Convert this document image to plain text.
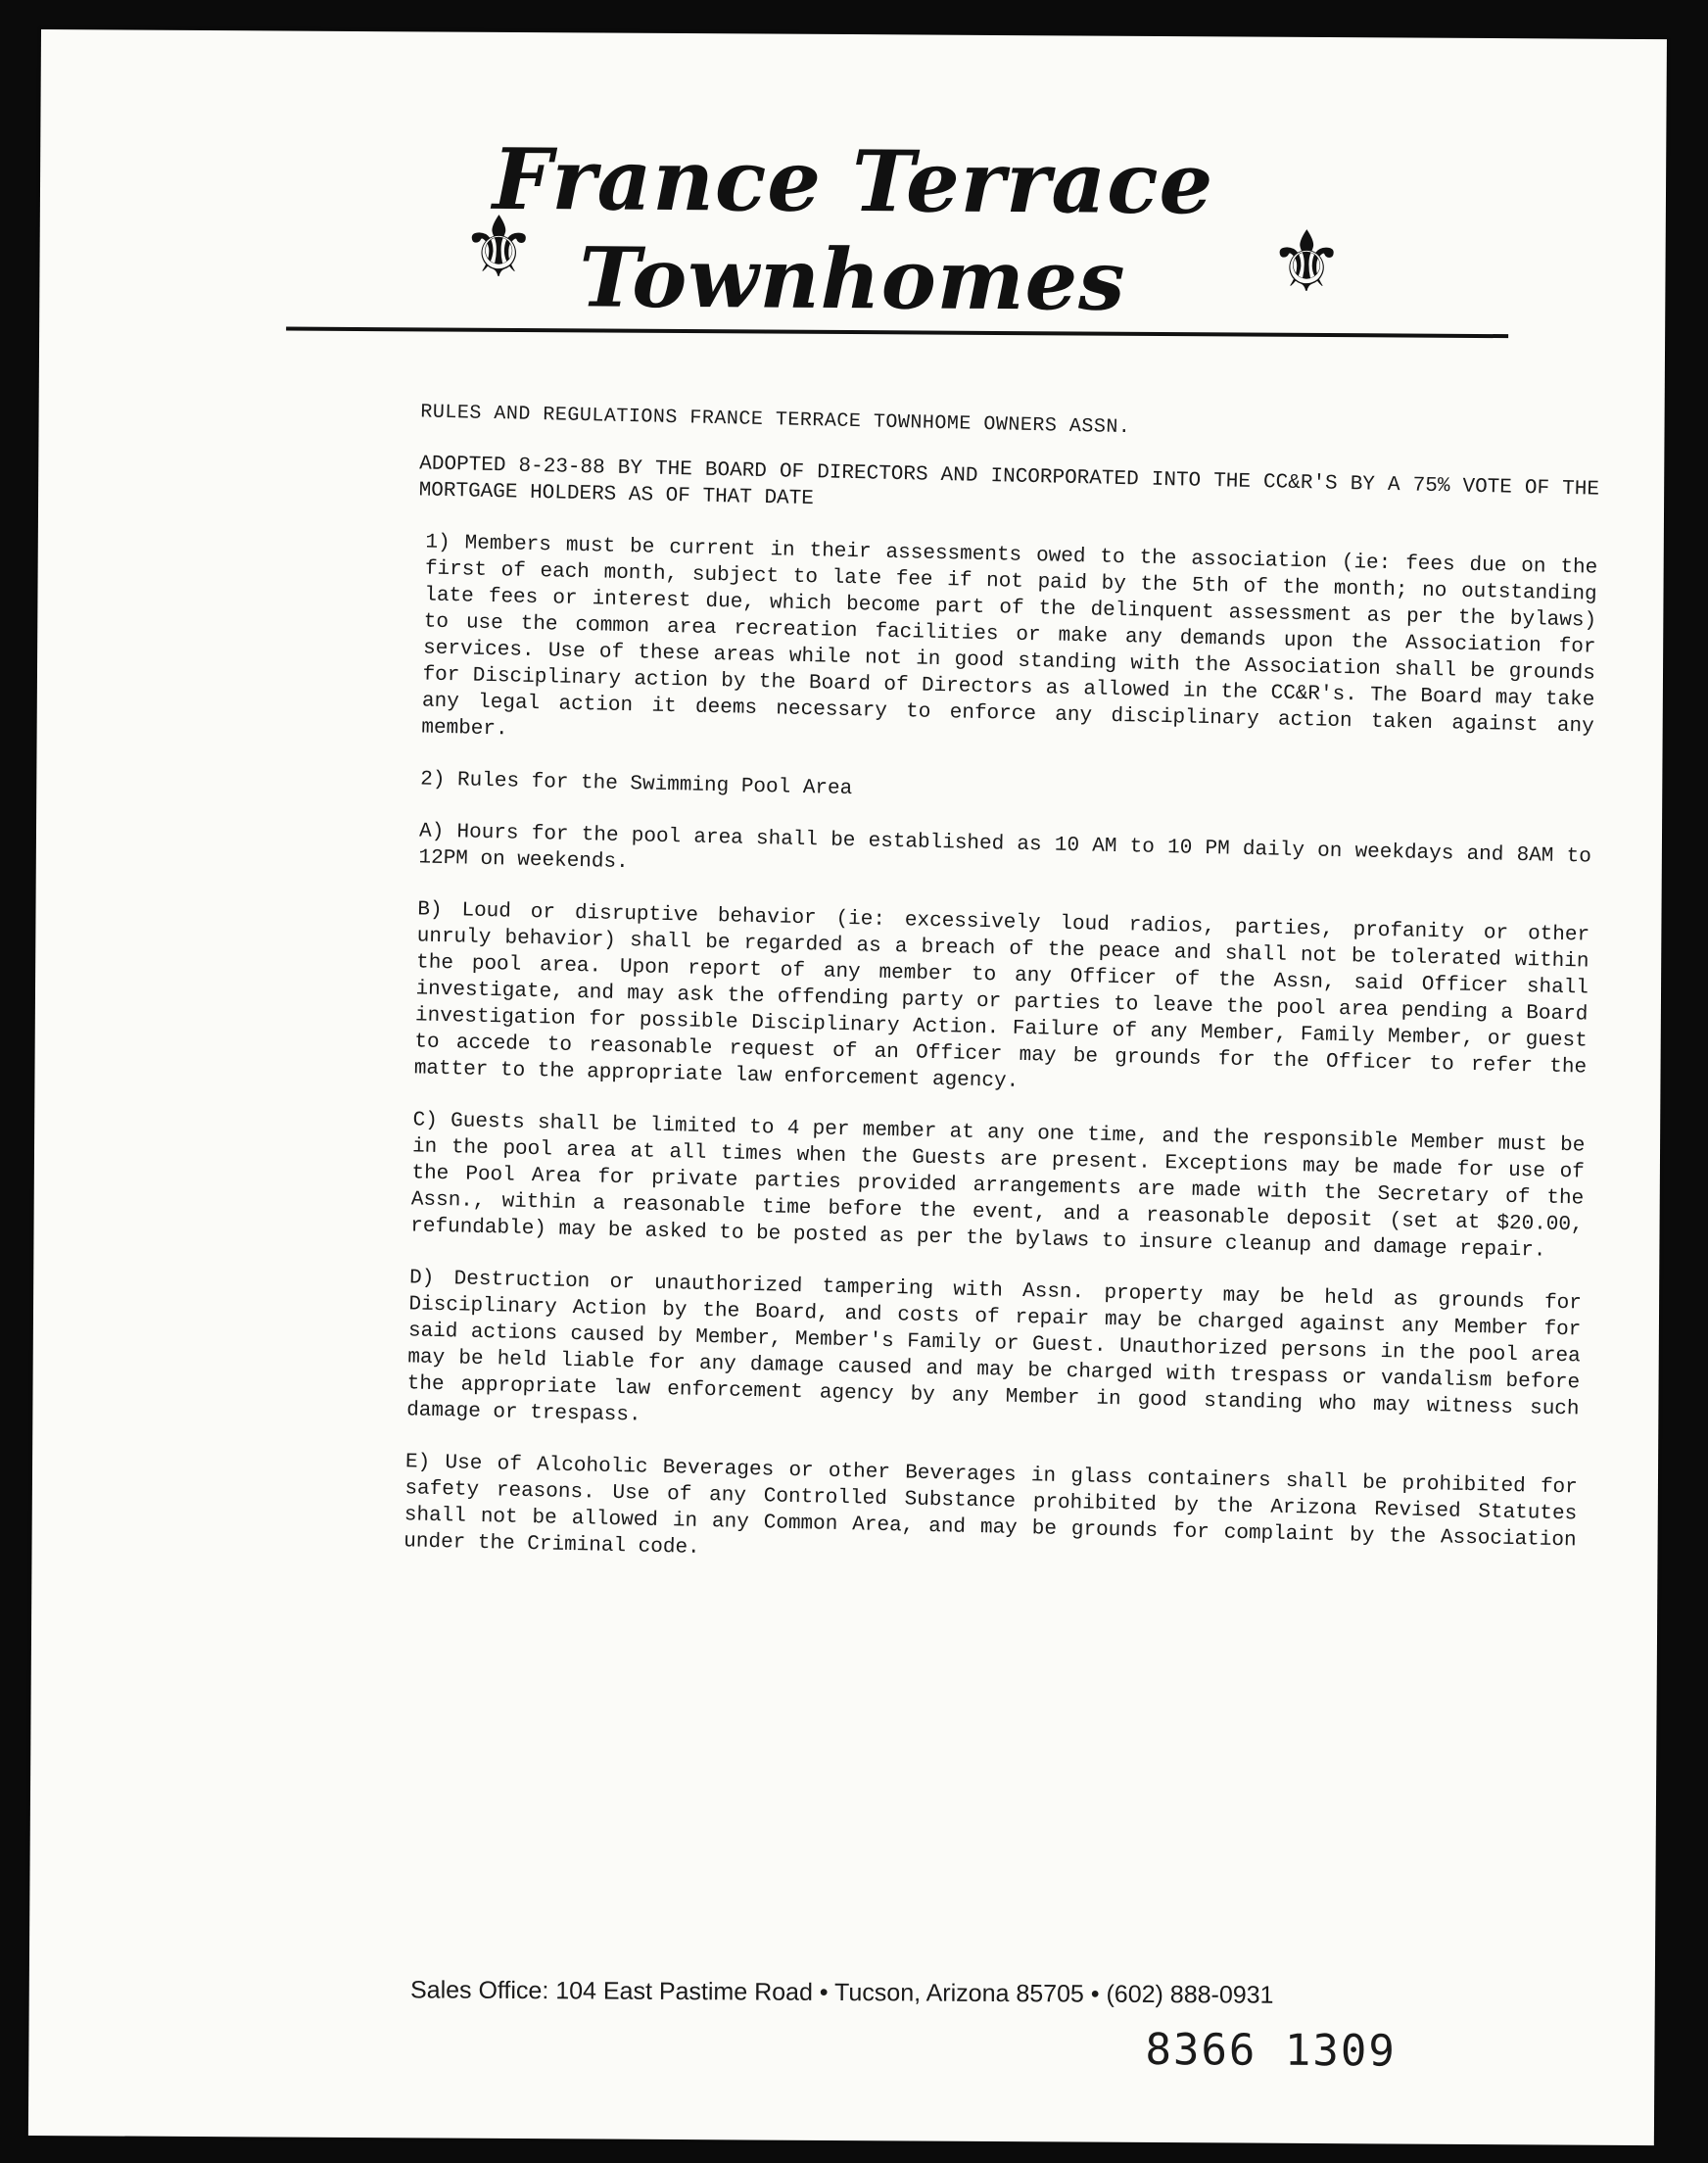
⚜
France Terrace
Townhomes	⚜

RULES AND REGULATIONS FRANCE TERRACE TOWNHOME OWNERS ASSN.

ADOPTED 8-23-88 BY THE BOARD OF DIRECTORS AND INCORPORATED INTO THE CC&R'S BY A 75% VOTE OF THE MORTGAGE HOLDERS AS OF THAT DATE

1) Members must be current in their assessments owed to the association (ie: fees due on the first of each month, subject to late fee if not paid by the 5th of the month; no outstanding late fees or interest due, which become part of the delinquent assessment as per the bylaws) to use the common area recreation facilities or make any demands upon the Association for services. Use of these areas while not in good standing with the Association shall be grounds for Disciplinary action by the Board of Directors as allowed in the CC&R's. The Board may take any legal action it deems necessary to enforce any disciplinary action taken against any member.

2) Rules for the Swimming Pool Area

A) Hours for the pool area shall be established as 10 AM to 10 PM daily on weekdays and 8AM to 12PM on weekends.

B) Loud or disruptive behavior (ie: excessively loud radios, parties, profanity or other unruly behavior) shall be regarded as a breach of the peace and shall not be tolerated within the pool area. Upon report of any member to any Officer of the Assn, said Officer shall investigate, and may ask the offending party or parties to leave the pool area pending a Board investigation for possible Disciplinary Action. Failure of any Member, Family Member, or guest to accede to reasonable request of an Officer may be grounds for the Officer to refer the matter to the appropriate law enforcement agency.

C) Guests shall be limited to 4 per member at any one time, and the responsible Member must be in the pool area at all times when the Guests are present. Exceptions may be made for use of the Pool Area for private parties provided arrangements are made with the Secretary of the Assn., within a reasonable time before the event, and a reasonable deposit (set at $20.00, refundable) may be asked to be posted as per the bylaws to insure cleanup and damage repair.

D) Destruction or unauthorized tampering with Assn. property may be held as grounds for Disciplinary Action by the Board, and costs of repair may be charged against any Member for said actions caused by Member, Member's Family or Guest. Unauthorized persons in the pool area may be held liable for any damage caused and may be charged with trespass or vandalism before the appropriate law enforcement agency by any Member in good standing who may witness such damage or trespass.

E) Use of Alcoholic Beverages or other Beverages in glass containers shall be prohibited for safety reasons. Use of any Controlled Substance prohibited by the Arizona Revised Statutes shall not be allowed in any Common Area, and may be grounds for complaint by the Association under the Criminal code.

Sales Office: 104 East Pastime Road • Tucson, Arizona 85705 • (602) 888-0931
8366 1309
